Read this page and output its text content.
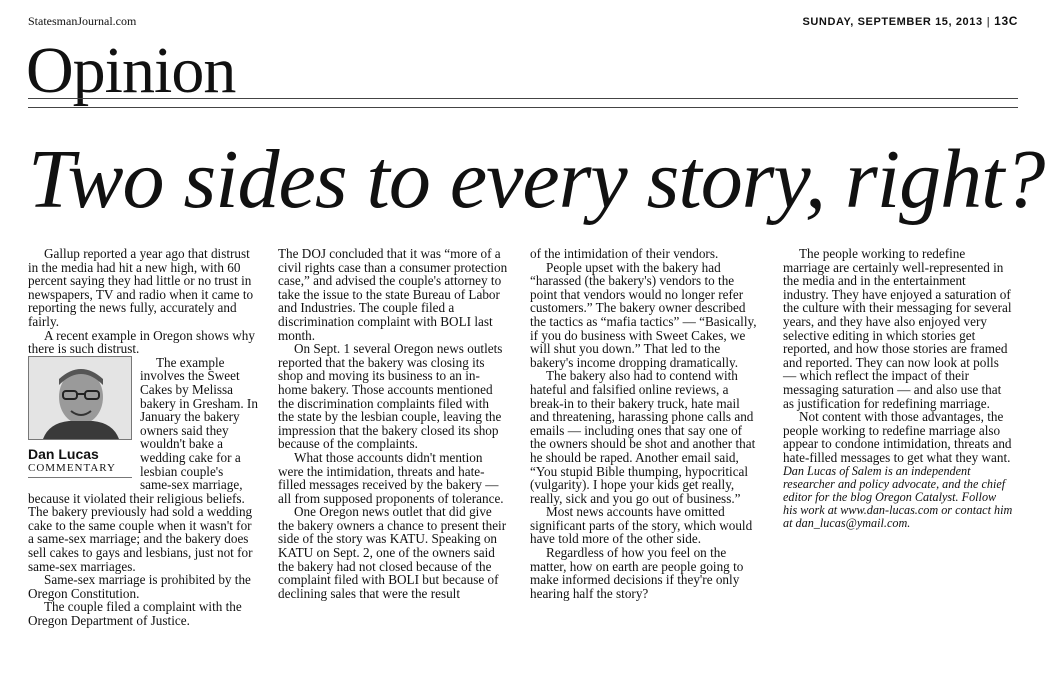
StatesmanJournal.com	SUNDAY, SEPTEMBER 15, 2013 | 13C
Opinion
Two sides to every story, right?

Gallup reported a year ago that distrust in the media had hit a new high, with 60 percent saying they had little or no trust in newspapers, TV and radio when it came to reporting the news fully, accurately and fairly.

A recent example in Oregon shows why there is such distrust.

Dan Lucas
COMMENTARY

The example involves the Sweet Cakes by Melissa bakery in Gresham. In January the bakery owners said they wouldn't bake a wedding cake for a lesbian couple's same-sex marriage, because it violated their religious beliefs. The bakery previously had sold a wedding cake to the same couple when it wasn't for a same-sex marriage; and the bakery does sell cakes to gays and lesbians, just not for same-sex marriages.

Same-sex marriage is prohibited by the Oregon Constitution.

The couple filed a complaint with the Oregon Department of Justice.

The DOJ concluded that it was “more of a civil rights case than a consumer protection case,” and advised the couple's attorney to take the issue to the state Bureau of Labor and Industries. The couple filed a discrimination complaint with BOLI last month.

On Sept. 1 several Oregon news outlets reported that the bakery was closing its shop and moving its business to an in-home bakery. Those accounts mentioned the discrimination complaints filed with the state by the lesbian couple, leaving the impression that the bakery closed its shop because of the complaints.

What those accounts didn't mention were the intimidation, threats and hate-filled messages received by the bakery — all from supposed proponents of tolerance.

One Oregon news outlet that did give the bakery owners a chance to present their side of the story was KATU. Speaking on KATU on Sept. 2, one of the owners said the bakery had not closed because of the complaint filed with BOLI but because of declining sales that were the result

of the intimidation of their vendors.

People upset with the bakery had “harassed (the bakery's) vendors to the point that vendors would no longer refer customers.” The bakery owner described the tactics as “mafia tactics” — “Basically, if you do business with Sweet Cakes, we will shut you down.” That led to the bakery's income dropping dramatically.

The bakery also had to contend with hateful and falsified online reviews, a break-in to their bakery truck, hate mail and threatening, harassing phone calls and emails — including ones that say one of the owners should be shot and another that he should be raped. Another email said, “You stupid Bible thumping, hypocritical (vulgarity). I hope your kids get really, really, sick and you go out of business.”

Most news accounts have omitted significant parts of the story, which would have told more of the other side.

Regardless of how you feel on the matter, how on earth are people going to make informed decisions if they're only hearing half the story?

The people working to redefine marriage are certainly well-represented in the media and in the entertainment industry. They have enjoyed a saturation of the culture with their messaging for several years, and they have also enjoyed very selective editing in which stories get reported, and how those stories are framed and reported. They can now look at polls — which reflect the impact of their messaging saturation — and also use that as justification for redefining marriage.

Not content with those advantages, the people working to redefine marriage also appear to condone intimidation, threats and hate-filled messages to get what they want.

Dan Lucas of Salem is an independent researcher and policy advocate, and the chief editor for the blog Oregon Catalyst. Follow his work at www.dan-lucas.com or contact him at dan_lucas@ymail.com.
